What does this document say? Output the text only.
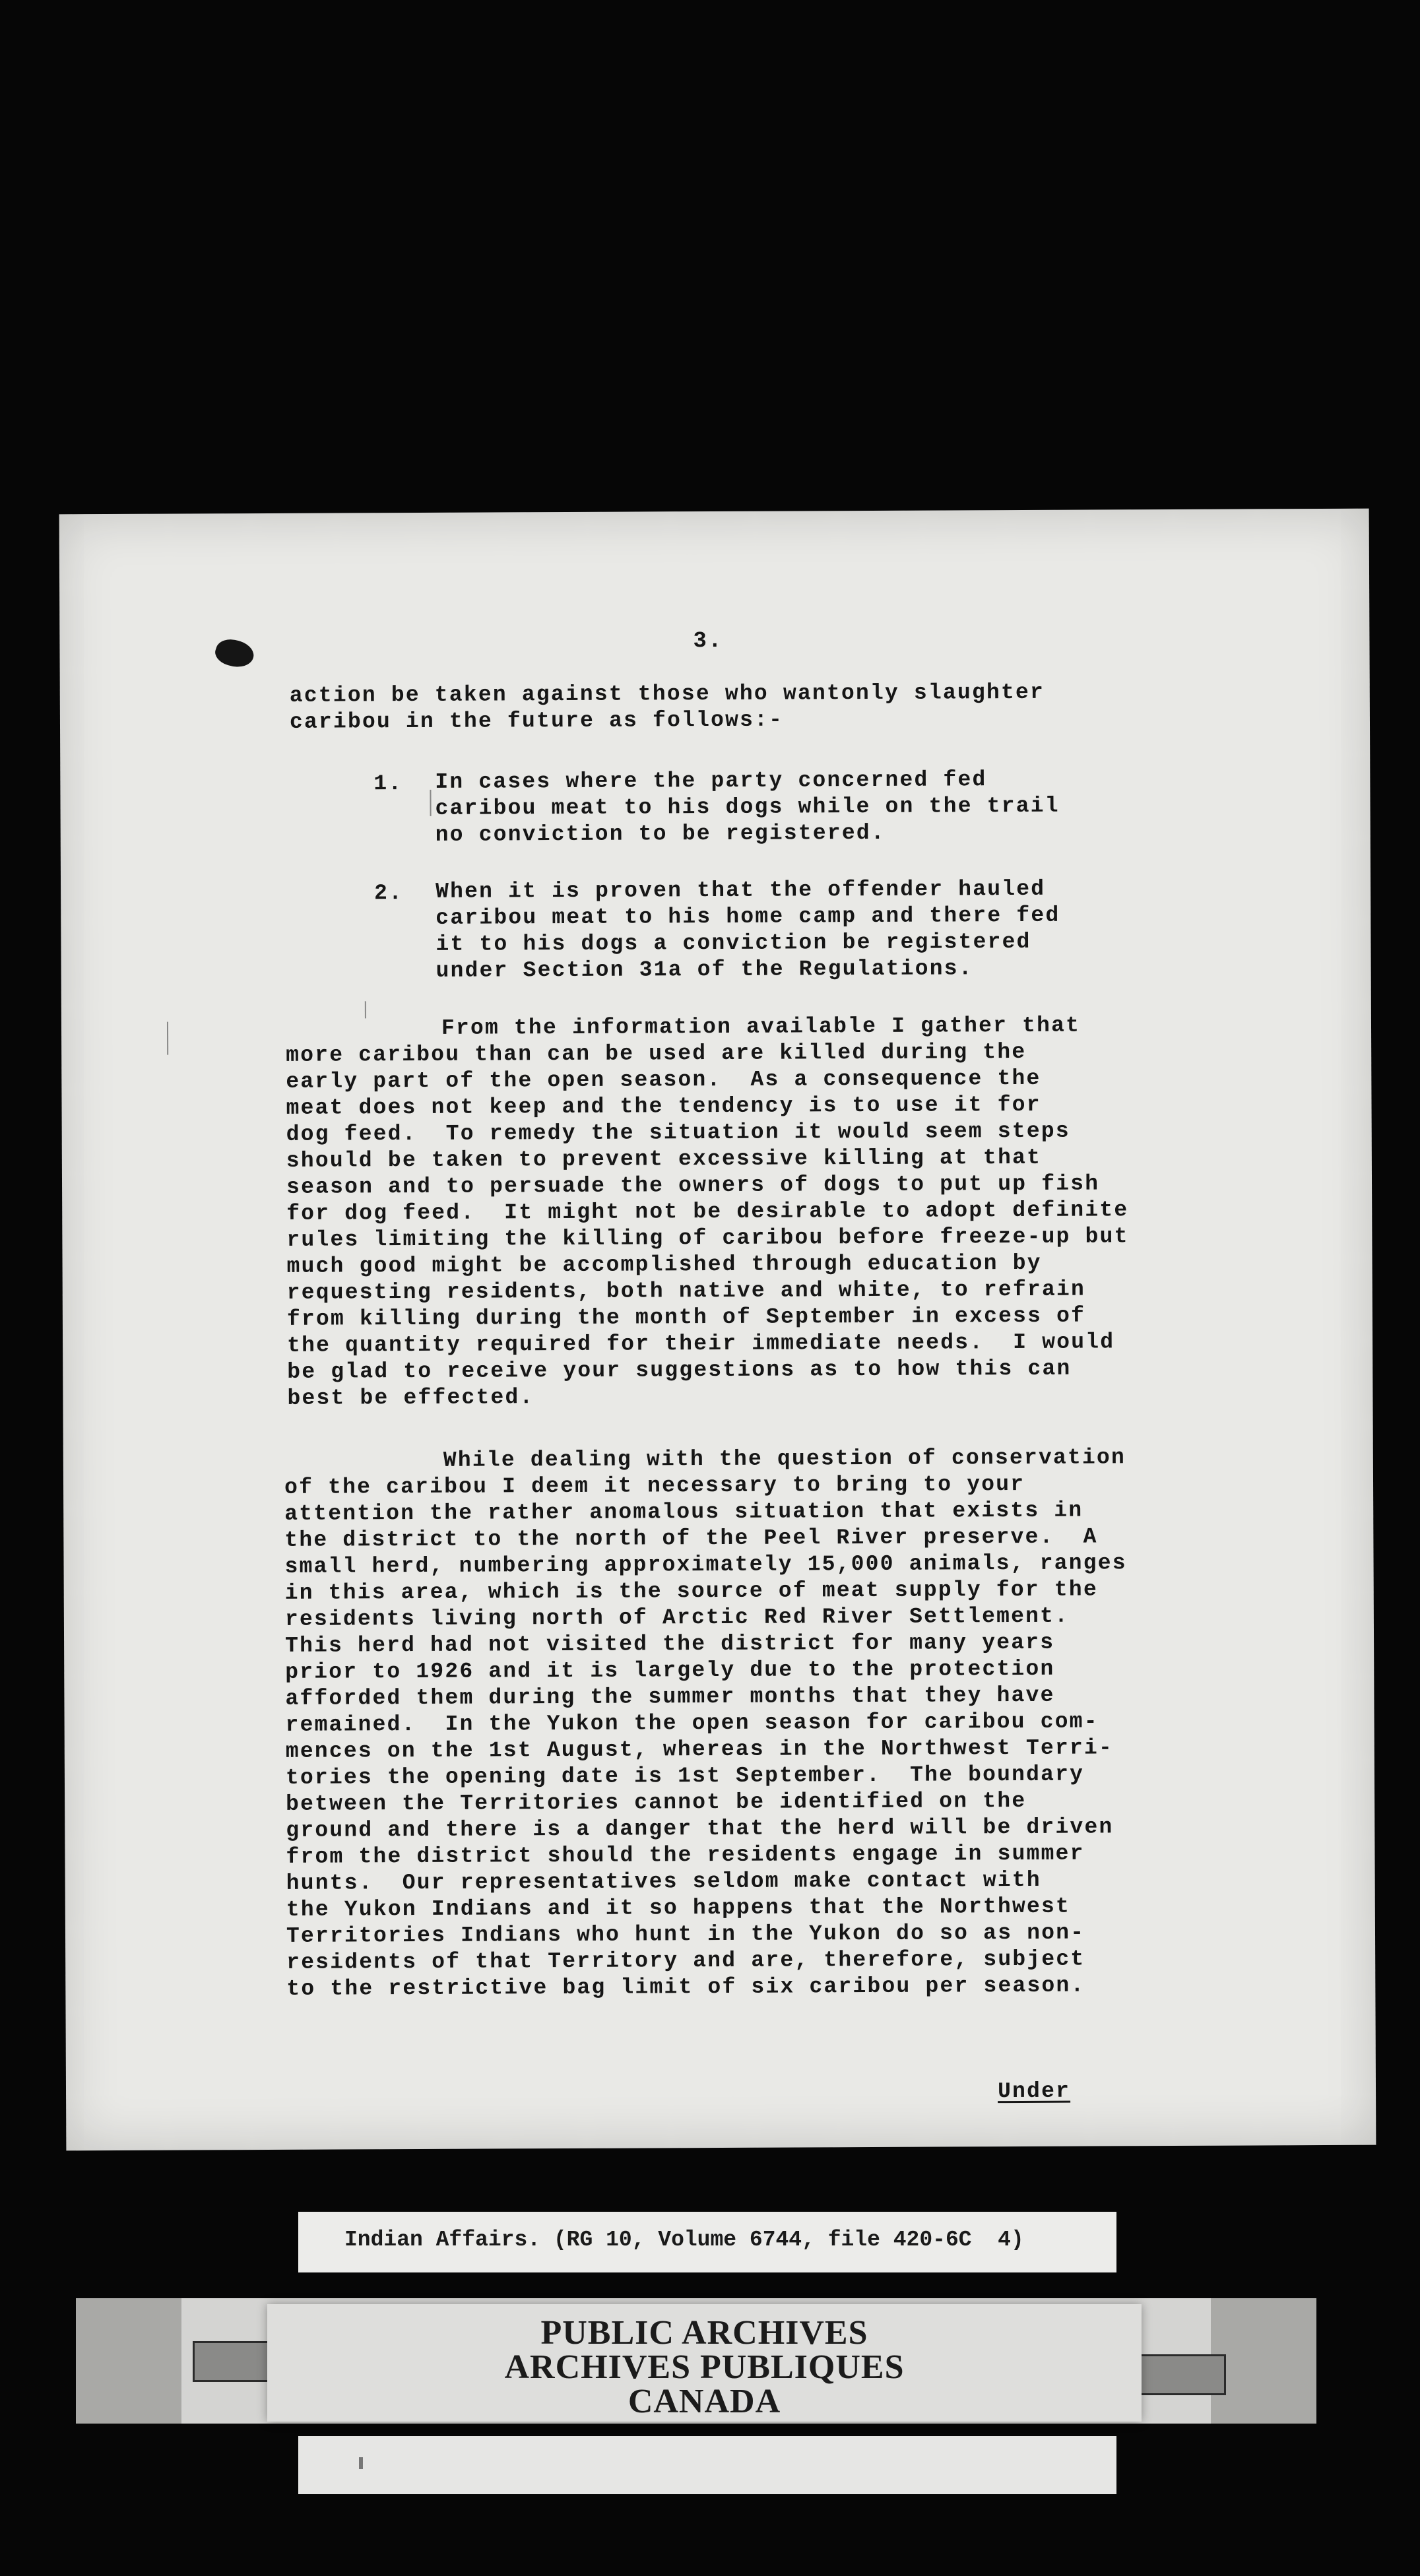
3.
action be taken against those who wantonly slaughter
caribou in the future as follows:-
1. In cases where the party concerned fed
caribou meat to his dogs while on the trail
no conviction to be registered.
2. When it is proven that the offender hauled
caribou meat to his home camp and there fed
it to his dogs a conviction be registered
under Section 31a of the Regulations.
From the information available I gather that
more caribou than can be used are killed during the
early part of the open season.  As a consequence the
meat does not keep and the tendency is to use it for
dog feed.  To remedy the situation it would seem steps
should be taken to prevent excessive killing at that
season and to persuade the owners of dogs to put up fish
for dog feed.  It might not be desirable to adopt definite
rules limiting the killing of caribou before freeze-up but
much good might be accomplished through education by
requesting residents, both native and white, to refrain
from killing during the month of September in excess of
the quantity required for their immediate needs.  I would
be glad to receive your suggestions as to how this can
best be effected.
While dealing with the question of conservation
of the caribou I deem it necessary to bring to your
attention the rather anomalous situation that exists in
the district to the north of the Peel River preserve.  A
small herd, numbering approximately 15,000 animals, ranges
in this area, which is the source of meat supply for the
residents living north of Arctic Red River Settlement.
This herd had not visited the district for many years
prior to 1926 and it is largely due to the protection
afforded them during the summer months that they have
remained.  In the Yukon the open season for caribou com-
mences on the 1st August, whereas in the Northwest Terri-
tories the opening date is 1st September.  The boundary
between the Territories cannot be identified on the
ground and there is a danger that the herd will be driven
from the district should the residents engage in summer
hunts.  Our representatives seldom make contact with
the Yukon Indians and it so happens that the Northwest
Territories Indians who hunt in the Yukon do so as non-
residents of that Territory and are, therefore, subject
to the restrictive bag limit of six caribou per season.
Under
Indian Affairs. (RG 10, Volume 6744, file 420-6C  4)
PUBLIC ARCHIVES
ARCHIVES PUBLIQUES
CANADA
